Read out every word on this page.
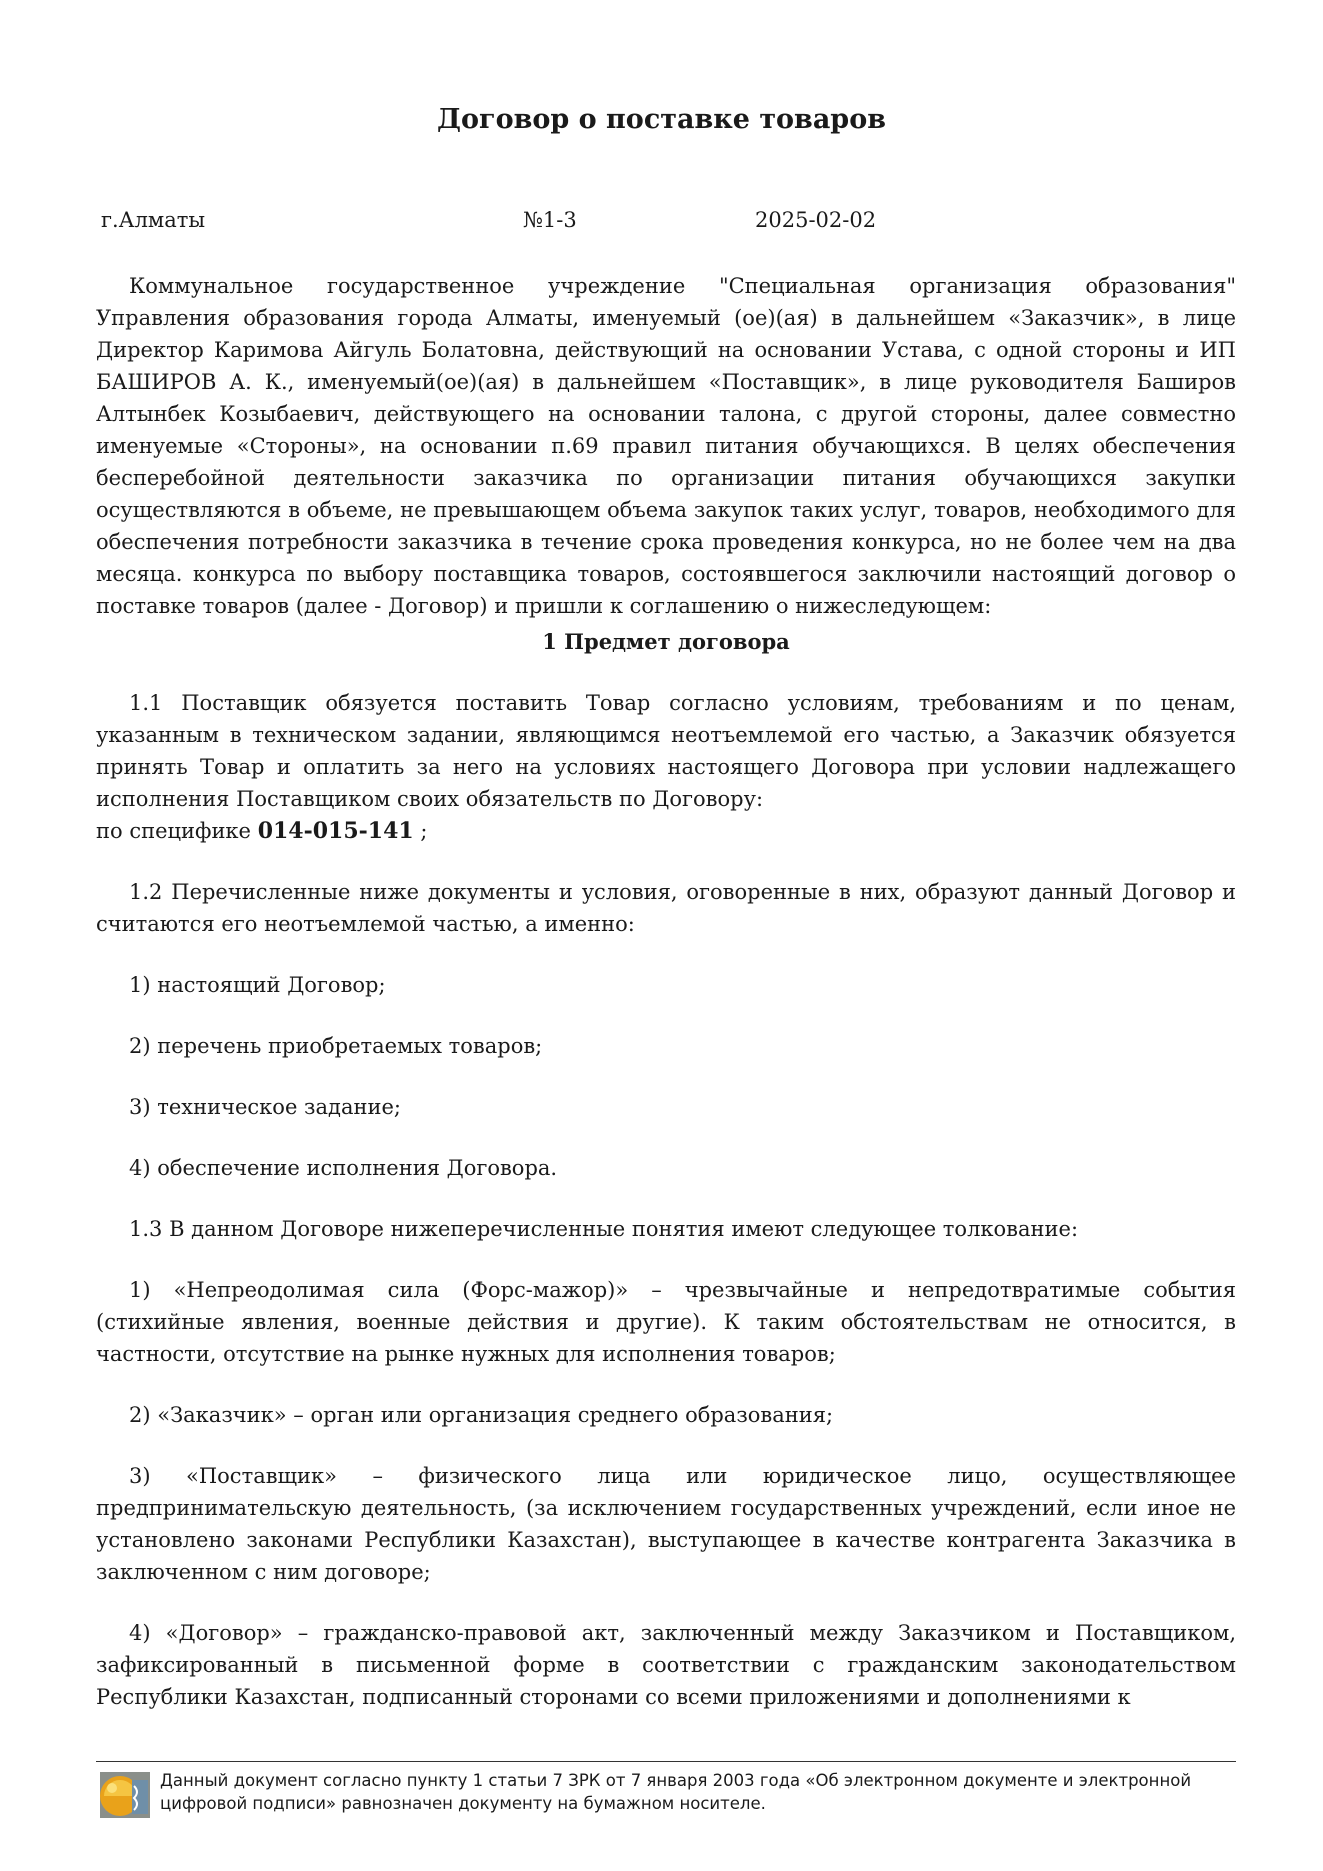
Договор о поставке товаров
г.Алматы	№1-3	2025-02-02

Коммунальное государственное учреждение "Специальная организация образования" Управления образования города Алматы, именуемый (ое)(ая) в дальнейшем «Заказчик», в лице Директор Каримова Айгуль Болатовна, действующий на основании Устава, с одной стороны и ИП БАШИРОВ А. К., именуемый(ое)(ая) в дальнейшем «Поставщик», в лице руководителя Баширов Алтынбек Козыбаевич, действующего на основании талона, с другой стороны, далее совместно именуемые «Стороны», на основании п.69 правил питания обучающихся. В целях обеспечения бесперебойной деятельности заказчика по организации питания обучающихся закупки осуществляются в объеме, не превышающем объема закупок таких услуг, товаров, необходимого для обеспечения потребности заказчика в течение срока проведения конкурса, но не более чем на два месяца. конкурса по выбору поставщика товаров, состоявшегося заключили настоящий договор о поставке товаров (далее - Договор) и пришли к соглашению о нижеследующем:

1 Предмет договора

1.1 Поставщик обязуется поставить Товар согласно условиям, требованиям и по ценам, указанным в техническом задании, являющимся неотъемлемой его частью, а Заказчик обязуется принять Товар и оплатить за него на условиях настоящего Договора при условии надлежащего исполнения Поставщиком своих обязательств по Договору:

по специфике 014-015-141 ;

1.2 Перечисленные ниже документы и условия, оговоренные в них, образуют данный Договор и считаются его неотъемлемой частью, а именно:

1) настоящий Договор;

2) перечень приобретаемых товаров;

3) техническое задание;

4) обеспечение исполнения Договора.

1.3 В данном Договоре нижеперечисленные понятия имеют следующее толкование:

1) «Непреодолимая сила (Форс-мажор)» – чрезвычайные и непредотвратимые события (стихийные явления, военные действия и другие). К таким обстоятельствам не относится, в частности, отсутствие на рынке нужных для исполнения товаров;

2) «Заказчик» – орган или организация среднего образования;

3) «Поставщик» – физического лица или юридическое лицо, осуществляющее предпринимательскую деятельность, (за исключением государственных учреждений, если иное не установлено законами Республики Казахстан), выступающее в качестве контрагента Заказчика в заключенном с ним договоре;

4) «Договор» – гражданско-правовой акт, заключенный между Заказчиком и Поставщиком, зафиксированный в письменной форме в соответствии с гражданским законодательством Республики Казахстан, подписанный сторонами со всеми приложениями и дополнениями к

Данный документ согласно пункту 1 статьи 7 ЗРК от 7 января 2003 года «Об электронном документе и электронной цифровой подписи» равнозначен документу на бумажном носителе.
